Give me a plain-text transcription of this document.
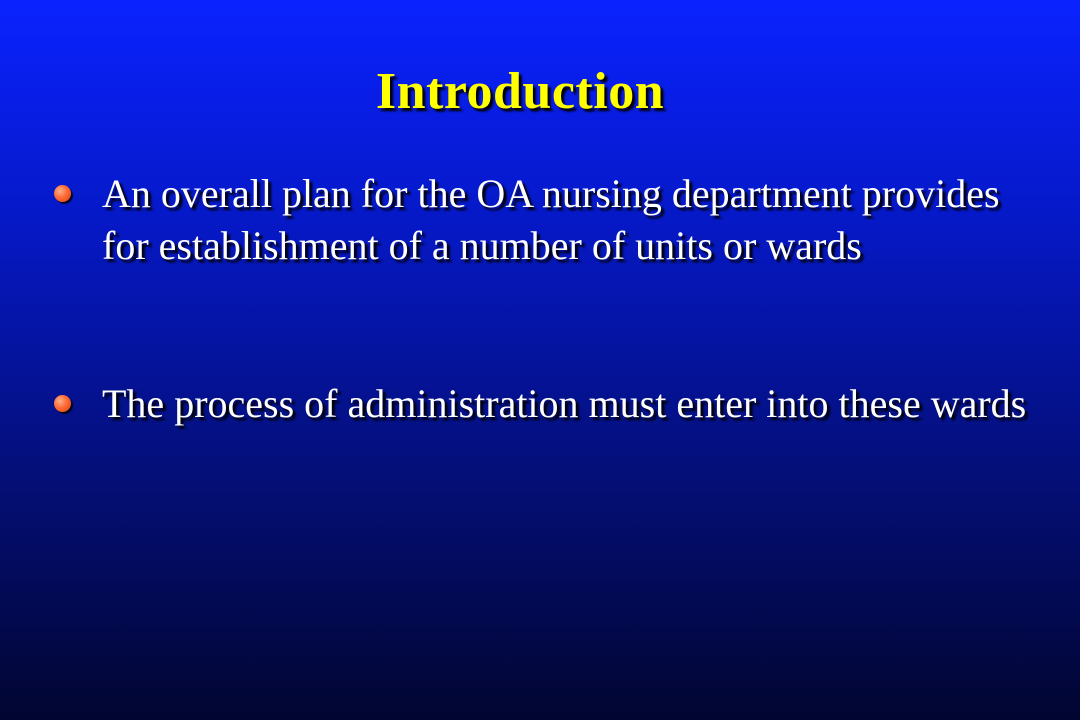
Introduction
An overall plan for the OA nursing department provides for establishment of a number of units or wards
The process of administration must enter into these wards
